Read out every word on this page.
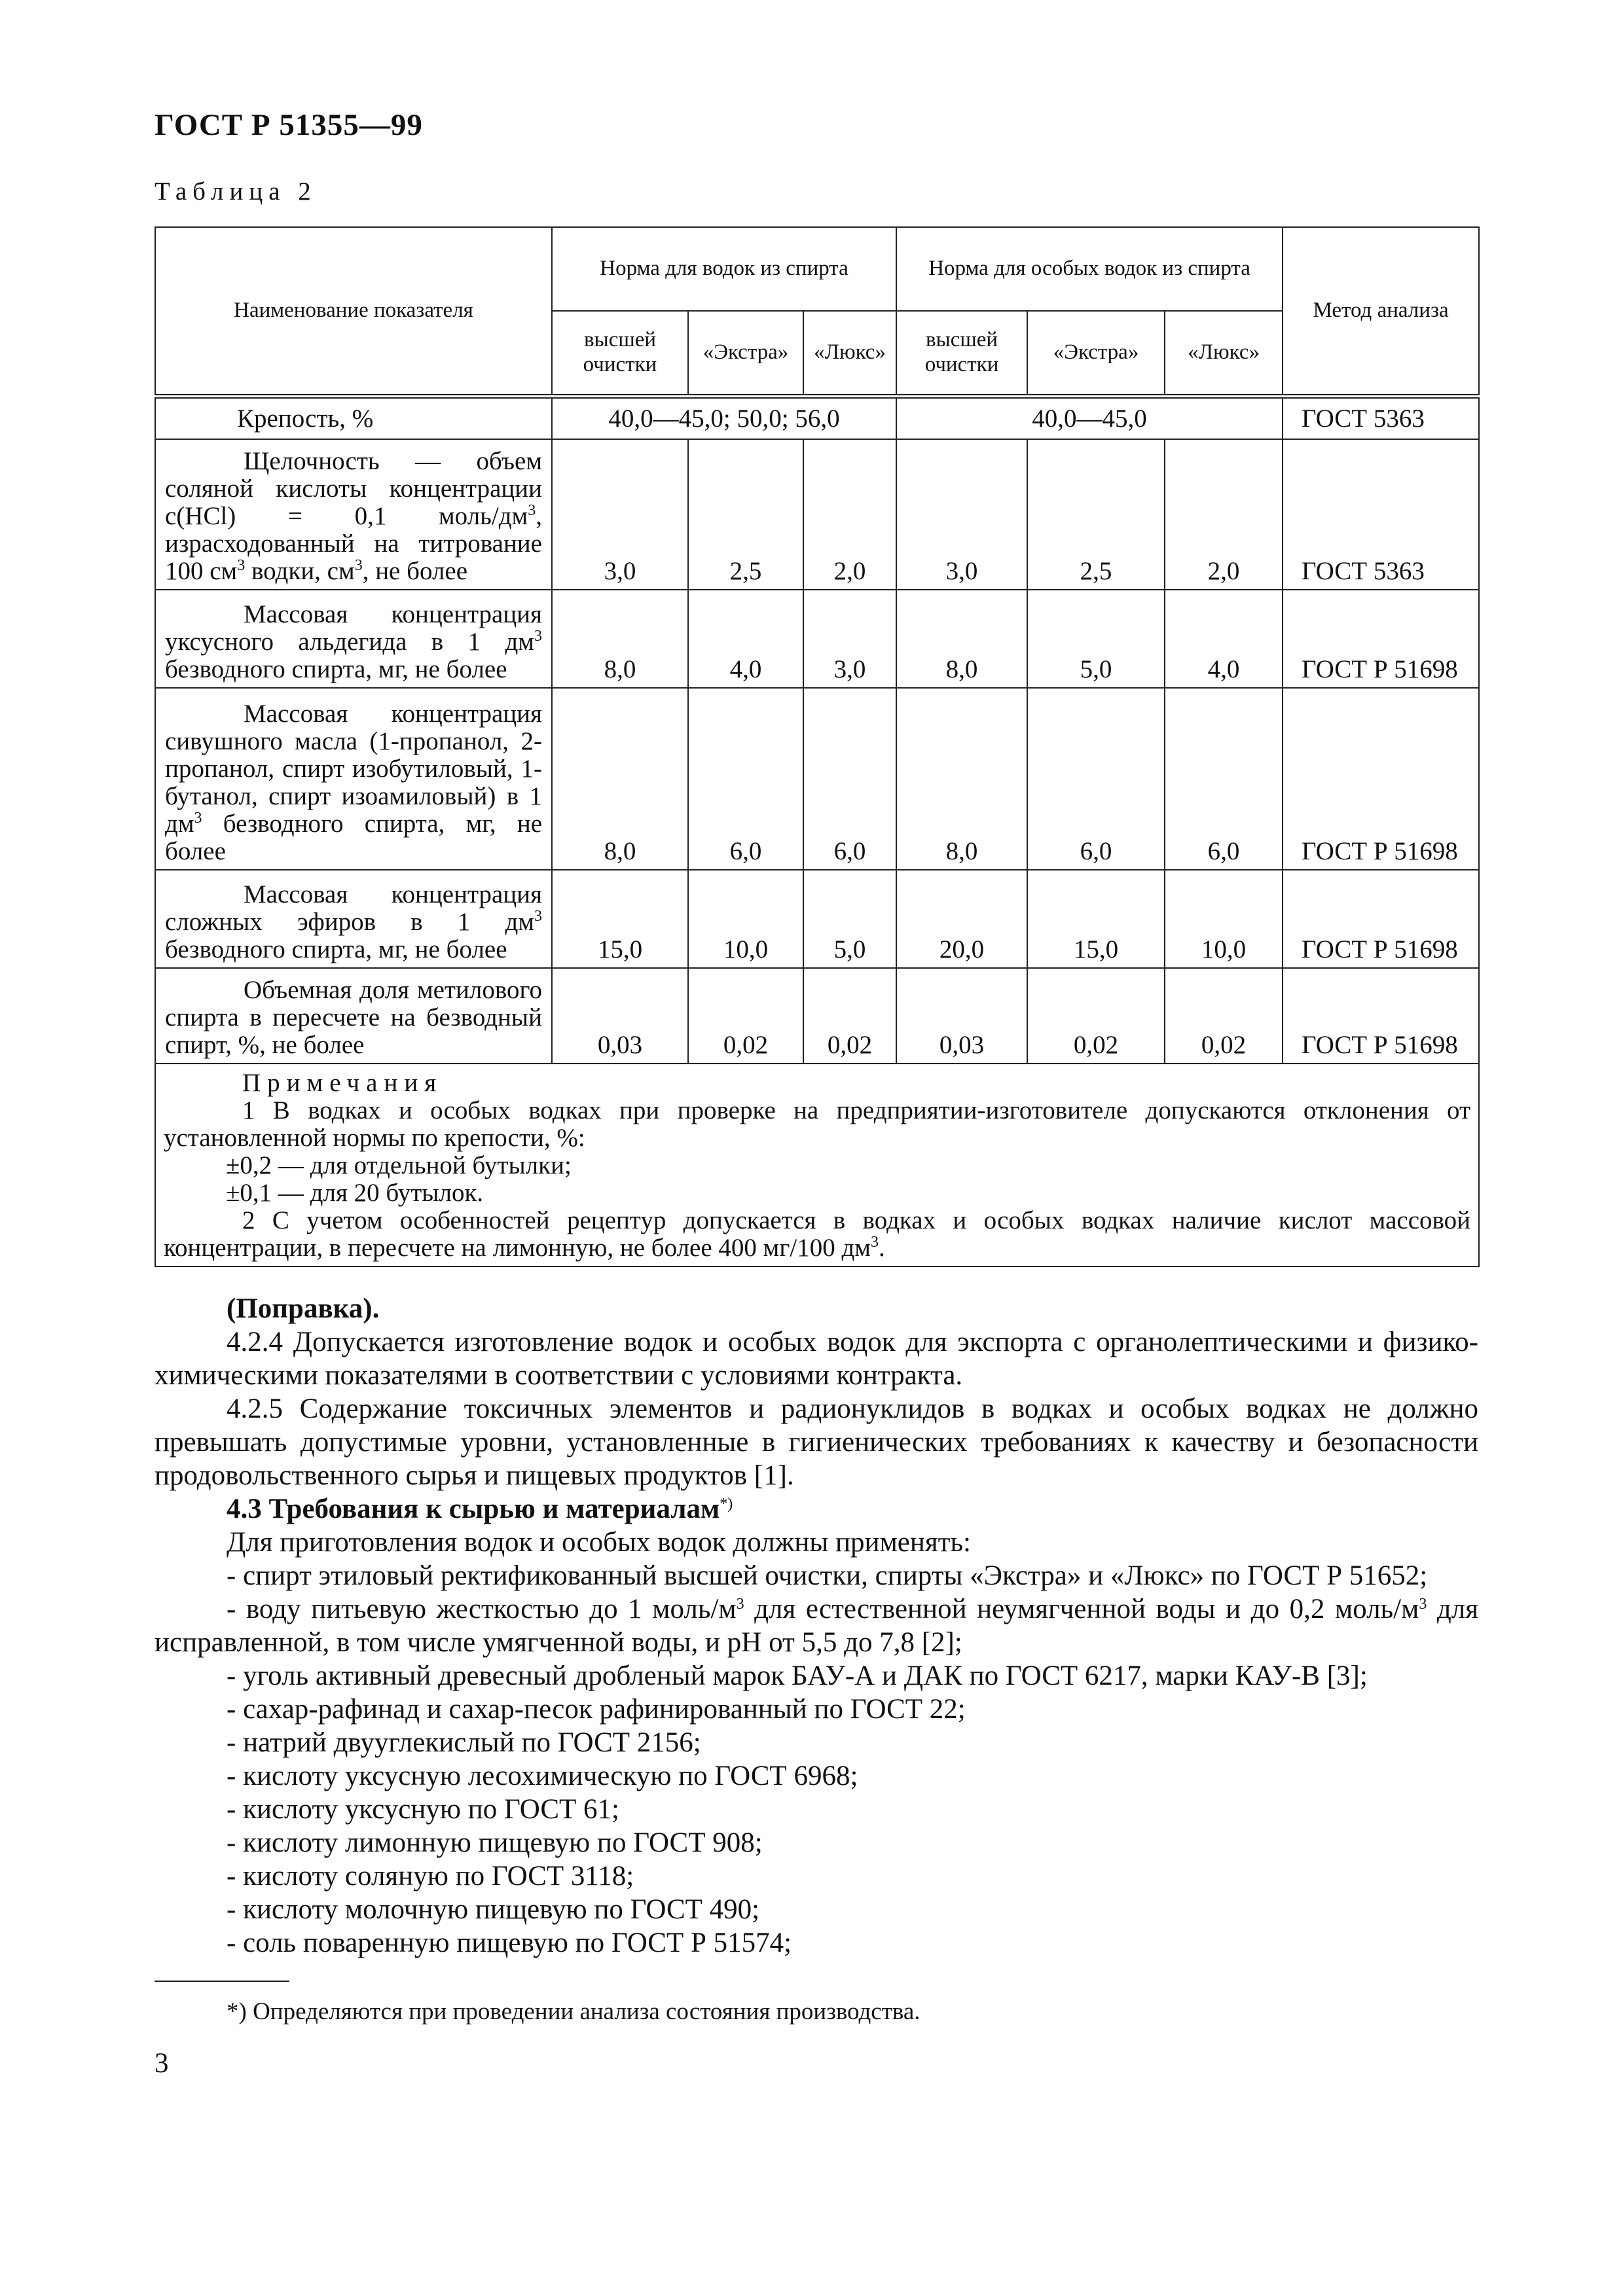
ГОСТ Р 51355—99
Таблица 2
Наименование показателя	Норма для водок из спирта			Норма для особых водок из спирта			Метод анализа
	высшей очистки	«Экстра»	«Люкс»	высшей очистки	«Экстра»	«Люкс»	
Крепость, %	40,0—45,0; 50,0; 56,0			40,0—45,0			ГОСТ 5363
Щелочность — объем соляной кислоты концентрации c(HCl) = 0,1 моль/$дм^3$, израсходованный на титрование 100 $см^3$ водки, $см^3$, не более	3,0	2,5	2,0	3,0	2,5	2,0	ГОСТ 5363
Массовая концентрация уксусного альдегида в 1 $дм^3$ безводного спирта, мг, не более	8,0	4,0	3,0	8,0	5,0	4,0	ГОСТ Р 51698
Массовая концентрация сивушного масла (1-пропанол, 2-пропанол, спирт изобутиловый, 1-бутанол, спирт изоамиловый) в 1 $дм^3$ безводного спирта, мг, не более	8,0	6,0	6,0	8,0	6,0	6,0	ГОСТ Р 51698
Массовая концентрация сложных эфиров в 1 $дм^3$ безводного спирта, мг, не более	15,0	10,0	5,0	20,0	15,0	10,0	ГОСТ Р 51698
Объемная доля метилового спирта в пересчете на безводный спирт, %, не более	0,03	0,02	0,02	0,03	0,02	0,02	ГОСТ Р 51698

Примечания
1 В водках и особых водках при проверке на предприятии-изготовителе допускаются отклонения от установленной нормы по крепости, %:
±0,2 — для отдельной бутылки;
±0,1 — для 20 бутылок.
2 С учетом особенностей рецептур допускается в водках и особых водках наличие кислот массовой концентрации, в пересчете на лимонную, не более 400 мг/100 $дм^3$.							
(Поправка).
4.2.4 Допускается изготовление водок и особых водок для экспорта с органолептическими и физико-химическими показателями в соответствии с условиями контракта.
4.2.5 Содержание токсичных элементов и радионуклидов в водках и особых водках не должно превышать допустимые уровни, установленные в гигиенических требованиях к качеству и безопасности продовольственного сырья и пищевых продуктов [1].
4.3 Требования к сырью и материалам*)
Для приготовления водок и особых водок должны применять:
- спирт этиловый ректификованный высшей очистки, спирты «Экстра» и «Люкс» по ГОСТ Р 51652;
- воду питьевую жесткостью до 1 моль/$м^3$ для естественной неумягченной воды и до 0,2 моль/$м^3$ для исправленной, в том числе умягченной воды, и pH от 5,5 до 7,8 [2];
- уголь активный древесный дробленый марок БАУ-А и ДАК по ГОСТ 6217, марки КАУ-В [3];
- сахар-рафинад и сахар-песок рафинированный по ГОСТ 22;
- натрий двууглекислый по ГОСТ 2156;
- кислоту уксусную лесохимическую по ГОСТ 6968;
- кислоту уксусную по ГОСТ 61;
- кислоту лимонную пищевую по ГОСТ 908;
- кислоту соляную по ГОСТ 3118;
- кислоту молочную пищевую по ГОСТ 490;
- соль поваренную пищевую по ГОСТ Р 51574;
*) Определяются при проведении анализа состояния производства.
3
